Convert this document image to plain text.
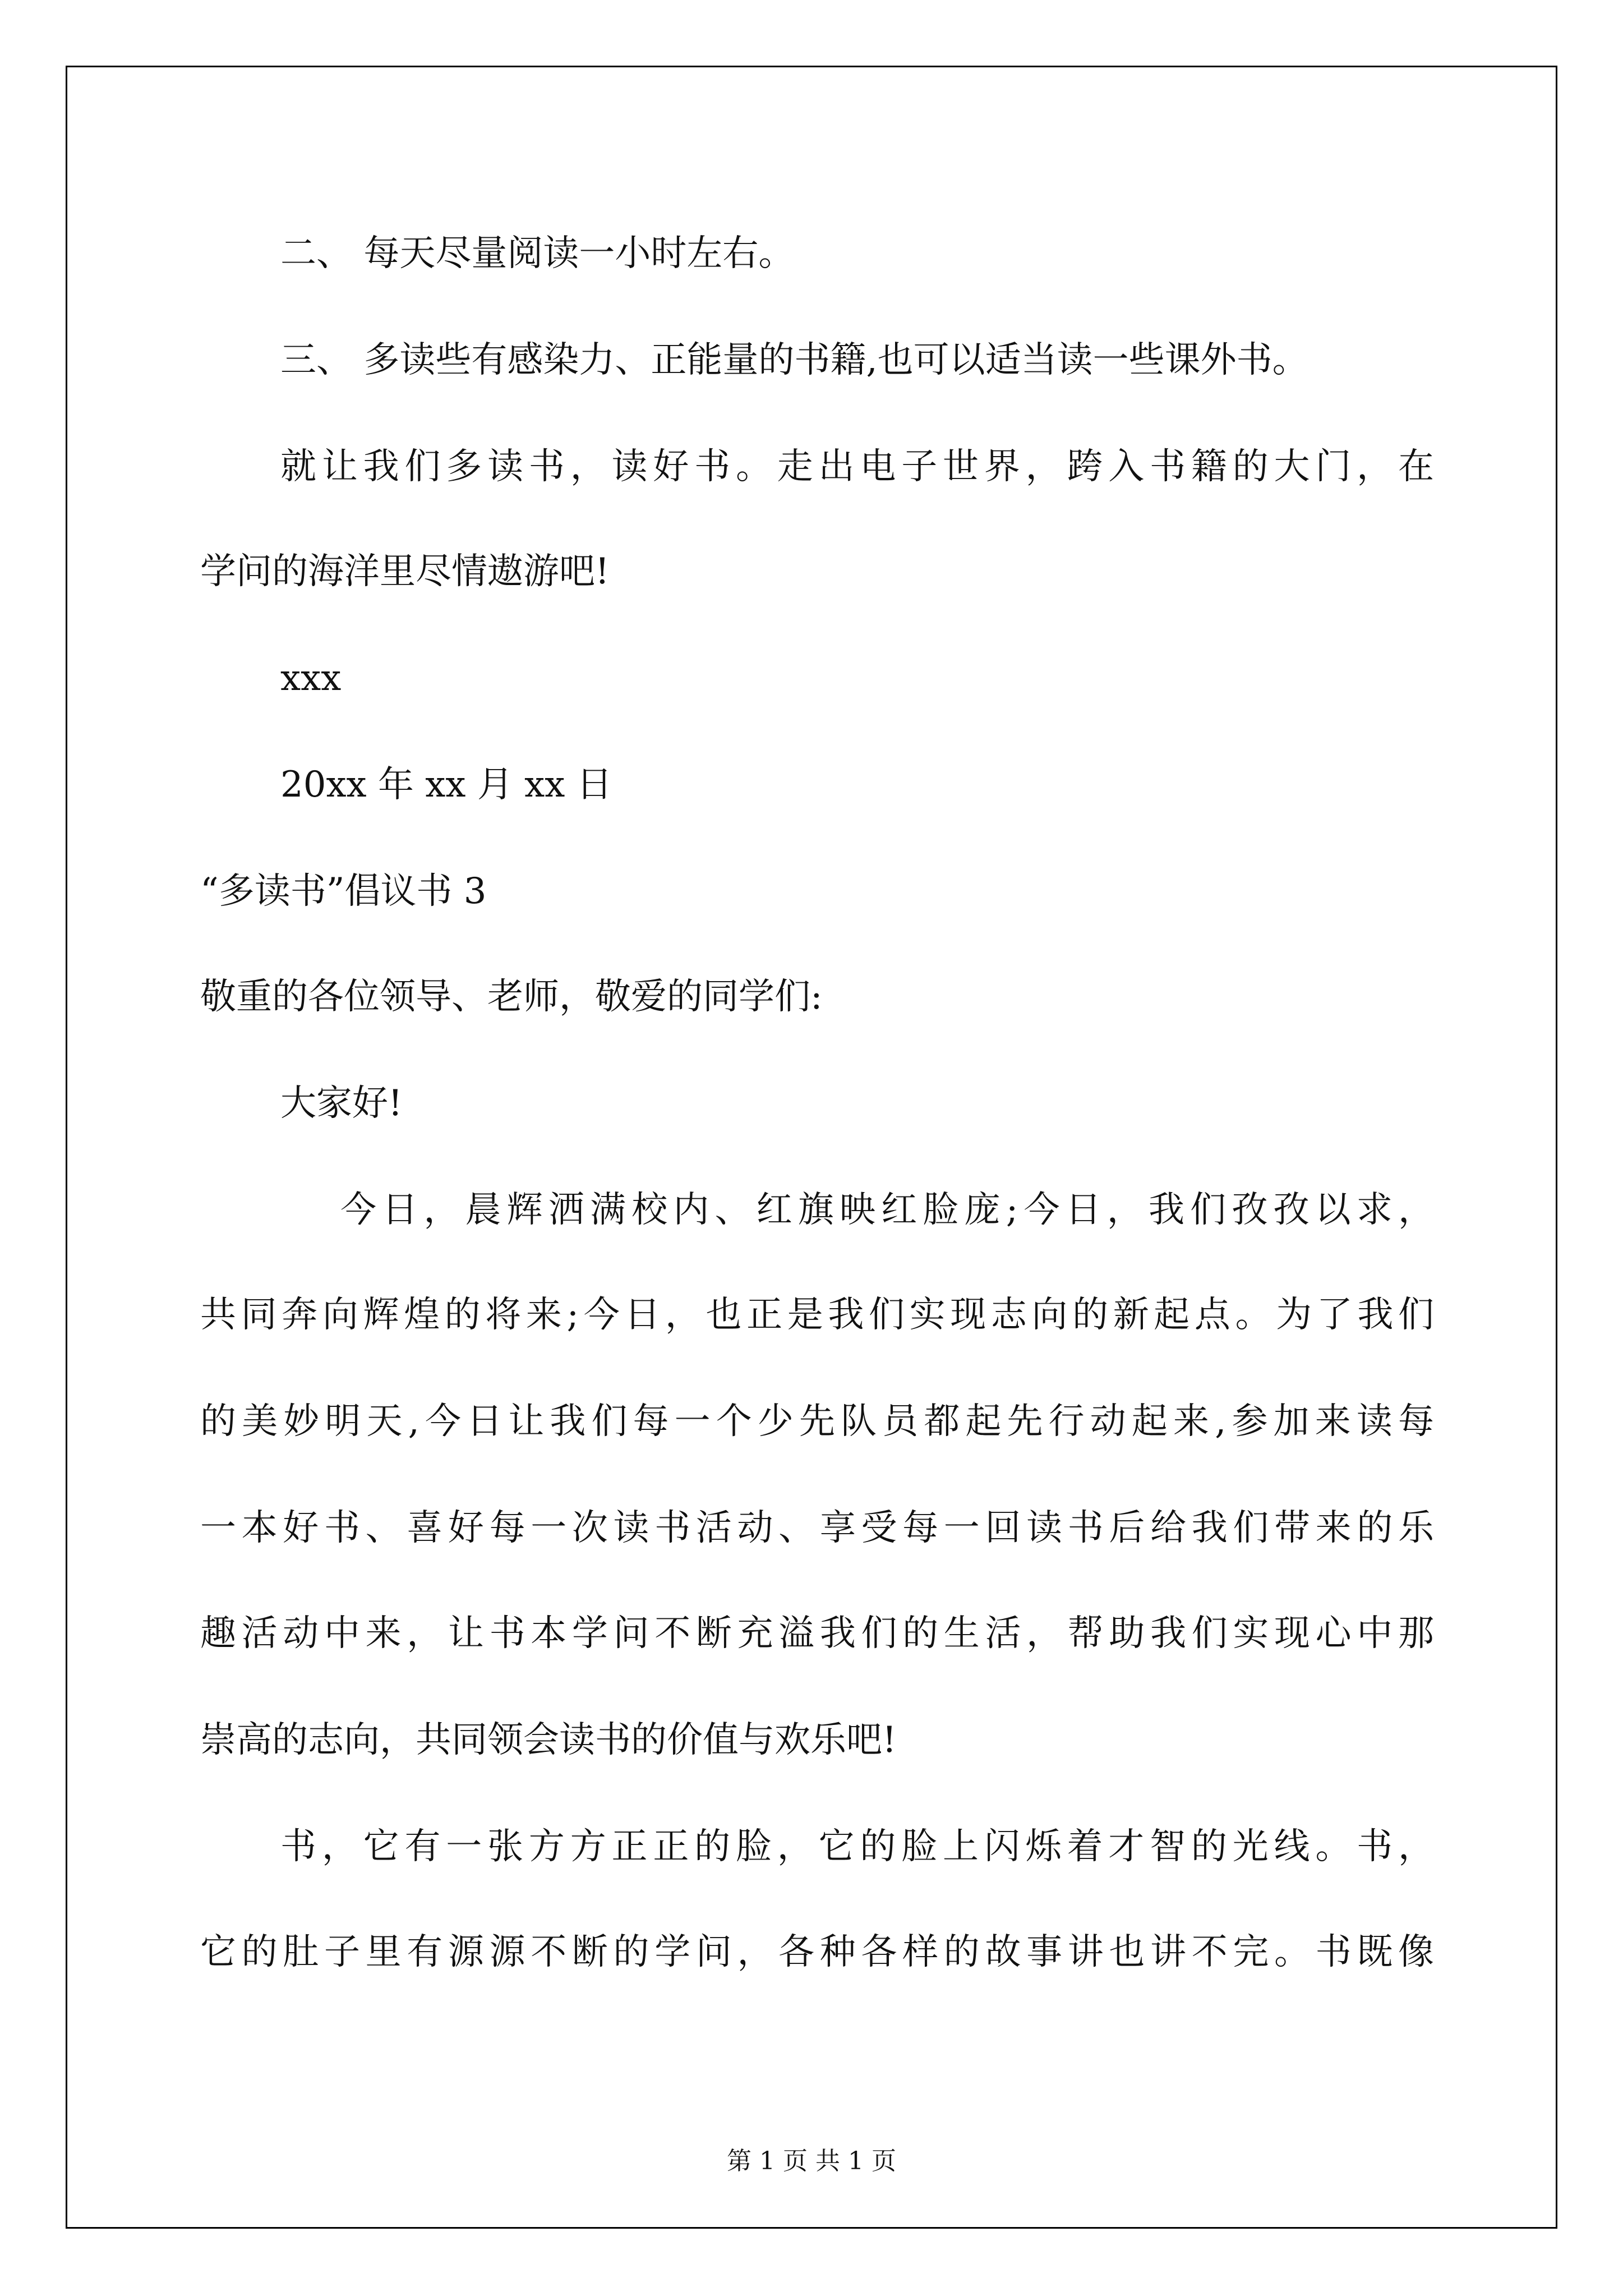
二、 每天尽量阅读一小时左右。
三、 多读些有感染力、正能量的书籍,也可以适当读一些课外书。
就让我们多读书，读好书。走出电子世界，跨入书籍的大门，在
学问的海洋里尽情遨游吧!
xxx
20xx 年 xx 月 xx 日
“多读书”倡议书 3
敬重的各位领导、老师，敬爱的同学们:
大家好!
今日，晨辉洒满校内、红旗映红脸庞;今日，我们孜孜以求，
共同奔向辉煌的将来;今日，也正是我们实现志向的新起点。为了我们
的美妙明天,今日让我们每一个少先队员都起先行动起来,参加来读每
一本好书、喜好每一次读书活动、享受每一回读书后给我们带来的乐
趣活动中来，让书本学问不断充溢我们的生活，帮助我们实现心中那
崇高的志向，共同领会读书的价值与欢乐吧!
书，它有一张方方正正的脸，它的脸上闪烁着才智的光线。书，
它的肚子里有源源不断的学问，各种各样的故事讲也讲不完。书既像
第 1 页 共 1 页
